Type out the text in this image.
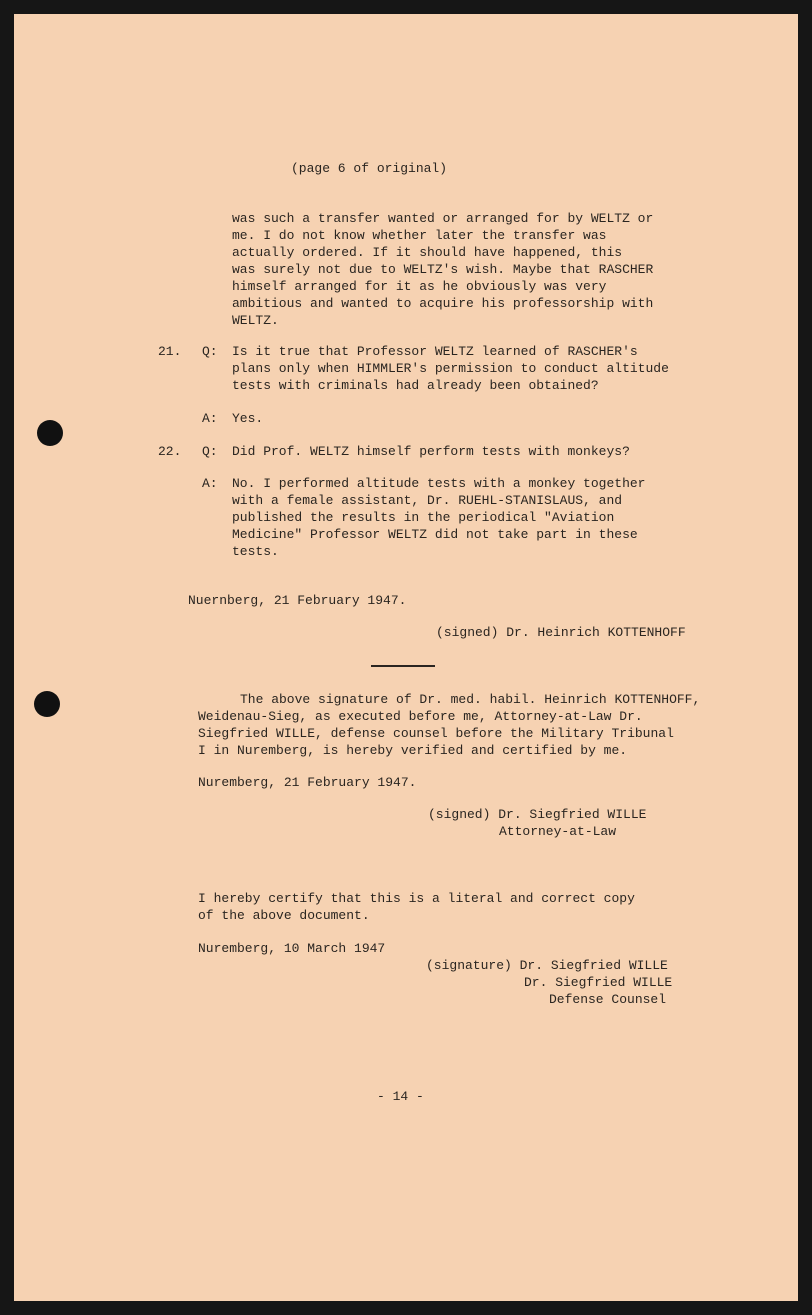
(page 6 of original)

was such a transfer wanted or arranged for by WELTZ or

me. I do not know whether later the transfer was

actually ordered. If it should have happened, this

was surely not due to WELTZ's wish. Maybe that RASCHER

himself arranged for it as he obviously was very

ambitious and wanted to acquire his professorship with

WELTZ.

21. Q: Is it true that Professor WELTZ learned of RASCHER's

plans only when HIMMLER's permission to conduct altitude

tests with criminals had already been obtained?

A: Yes.

22. Q: Did Prof. WELTZ himself perform tests with monkeys?

A: No. I performed altitude tests with a monkey together

with a female assistant, Dr. RUEHL-STANISLAUS, and

published the results in the periodical "Aviation

Medicine" Professor WELTZ did not take part in these

tests.

Nuernberg, 21 February 1947.

(signed) Dr. Heinrich KOTTENHOFF

The above signature of Dr. med. habil. Heinrich KOTTENHOFF,

Weidenau-Sieg, as executed before me, Attorney-at-Law Dr.

Siegfried WILLE, defense counsel before the Military Tribunal

I in Nuremberg, is hereby verified and certified by me.

Nuremberg, 21 February 1947.

(signed) Dr. Siegfried WILLE

Attorney-at-Law

I hereby certify that this is a literal and correct copy

of the above document.

Nuremberg, 10 March 1947

(signature) Dr. Siegfried WILLE

Dr. Siegfried WILLE

Defense Counsel

- 14 -
